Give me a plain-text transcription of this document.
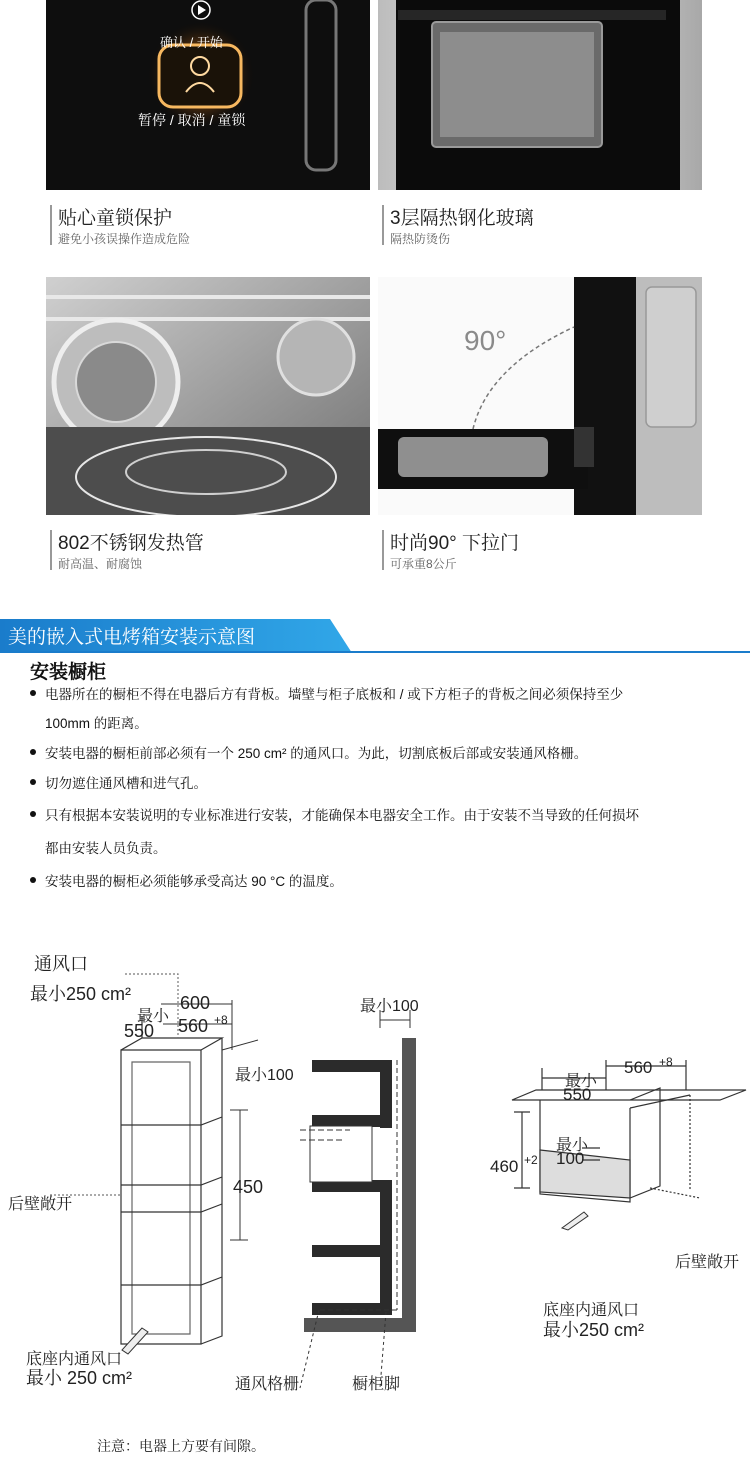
确认 / 开始
暂停 / 取消 / 童锁
贴心童锁保护
避免小孩误操作造成危险
3层隔热钢化玻璃
隔热防烫伤
90°
802不锈钢发热管
耐高温、耐腐蚀
时尚90° 下拉门
可承重8公斤
美的嵌入式电烤箱安装示意图
安装橱柜
电器所在的橱柜不得在电器后方有背板。墙壁与柜子底板和 / 或下方柜子的背板之间必须保持至少
100mm 的距离。
安装电器的橱柜前部必须有一个 250 cm² 的通风口。为此，切割底板后部或安装通风格栅。
切勿遮住通风槽和进气孔。
只有根据本安装说明的专业标准进行安装，才能确保本电器安全工作。由于安装不当导致的任何损坏
都由安装人员负责。
安装电器的橱柜必须能够承受高达 90 °C 的温度。
通风口
最小250 cm²	600
最小
550 560 +8
最小100
450
后壁敞开
底座内通风口
最小 250 cm²
最小100
通风格栅	橱柜脚
最小
550
560 +8
460 +2
最小
100
后壁敞开
底座内通风口
最小250 cm²
注意：电器上方要有间隙。
